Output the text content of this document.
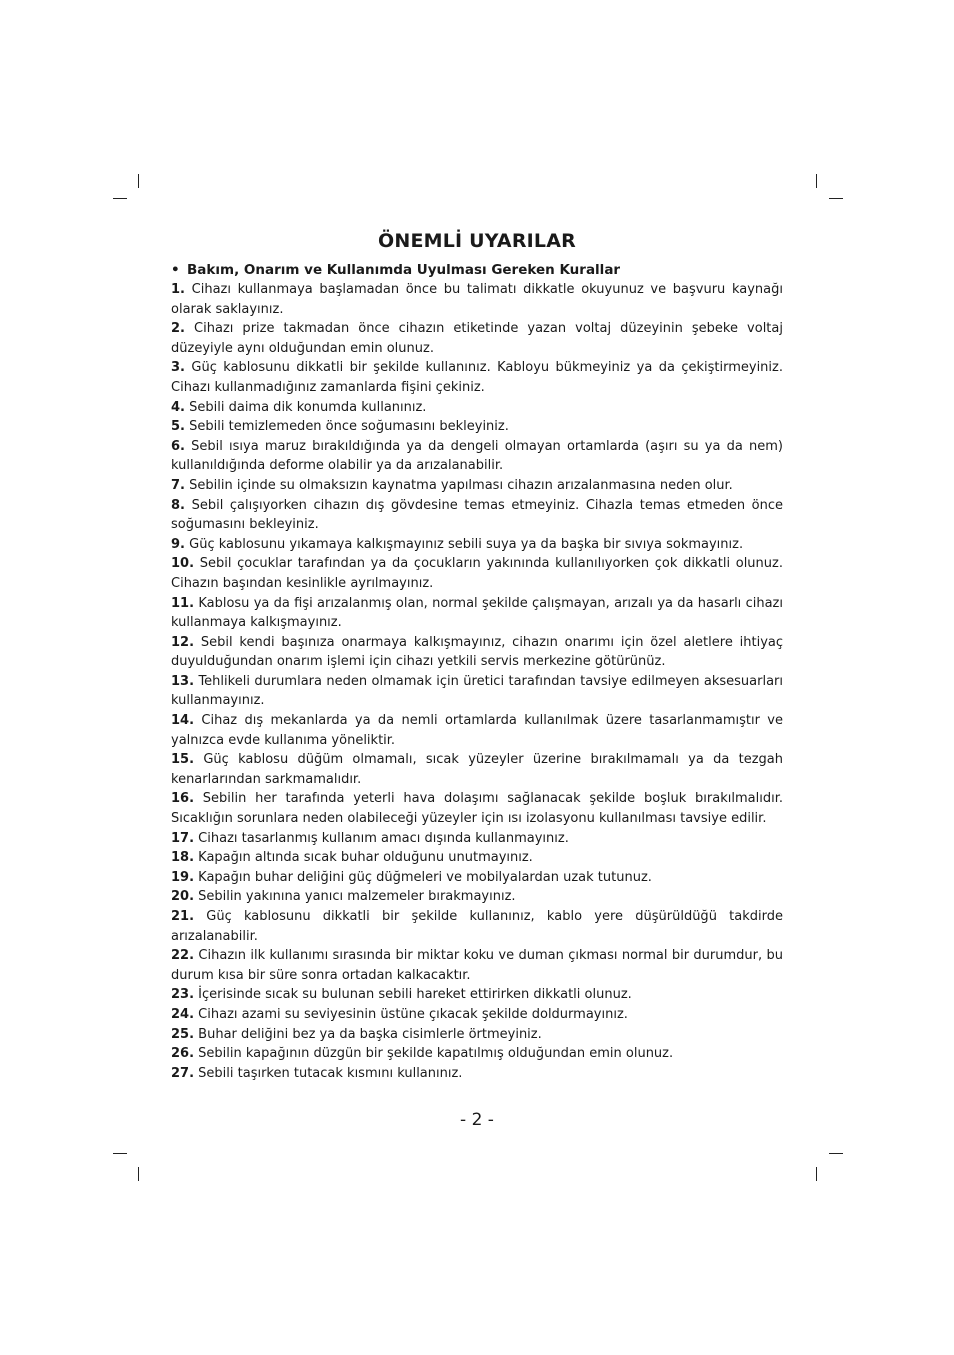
ÖNEMLİ UYARILAR
• Bakım, Onarım ve Kullanımda Uyulması Gereken Kurallar
1. Cihazı kullanmaya başlamadan önce bu talimatı dikkatle okuyunuz ve başvuru kaynağı olarak saklayınız.
2. Cihazı prize takmadan önce cihazın etiketinde yazan voltaj düzeyinin şebeke voltaj düzeyiyle aynı olduğundan emin olunuz.
3. Güç kablosunu dikkatli bir şekilde kullanınız. Kabloyu bükmeyiniz ya da çekiştirmeyiniz. Cihazı kullanmadığınız zamanlarda fişini çekiniz.
4. Sebili daima dik konumda kullanınız.
5. Sebili temizlemeden önce soğumasını bekleyiniz.
6. Sebil ısıya maruz bırakıldığında ya da dengeli olmayan ortamlarda (aşırı su ya da nem) kullanıldığında deforme olabilir ya da arızalanabilir.
7. Sebilin içinde su olmaksızın kaynatma yapılması cihazın arızalanmasına neden olur.
8. Sebil çalışıyorken cihazın dış gövdesine temas etmeyiniz. Cihazla temas etmeden önce soğumasını bekleyiniz.
9. Güç kablosunu yıkamaya kalkışmayınız sebili suya ya da başka bir sıvıya sokmayınız.
10. Sebil çocuklar tarafından ya da çocukların yakınında kullanılıyorken çok dikkatli olunuz. Cihazın başından kesinlikle ayrılmayınız.
11. Kablosu ya da fişi arızalanmış olan, normal şekilde çalışmayan, arızalı ya da hasarlı cihazı kullanmaya kalkışmayınız.
12. Sebil kendi başınıza onarmaya kalkışmayınız, cihazın onarımı için özel aletlere ihtiyaç duyulduğundan onarım işlemi için cihazı yetkili servis merkezine götürünüz.
13. Tehlikeli durumlara neden olmamak için üretici tarafından tavsiye edilmeyen aksesuarları kullanmayınız.
14. Cihaz dış mekanlarda ya da nemli ortamlarda kullanılmak üzere tasarlanmamıştır ve yalnızca evde kullanıma yöneliktir.
15. Güç kablosu düğüm olmamalı, sıcak yüzeyler üzerine bırakılmamalı ya da tezgah kenarlarından sarkmamalıdır.
16. Sebilin her tarafında yeterli hava dolaşımı sağlanacak şekilde boşluk bırakılmalıdır. Sıcaklığın sorunlara neden olabileceği yüzeyler için ısı izolasyonu kullanılması tavsiye edilir.
17. Cihazı tasarlanmış kullanım amacı dışında kullanmayınız.
18. Kapağın altında sıcak buhar olduğunu unutmayınız.
19. Kapağın buhar deliğini güç düğmeleri ve mobilyalardan uzak tutunuz.
20. Sebilin yakınına yanıcı malzemeler bırakmayınız.
21. Güç kablosunu dikkatli bir şekilde kullanınız, kablo yere düşürüldüğü takdirde arızalanabilir.
22. Cihazın ilk kullanımı sırasında bir miktar koku ve duman çıkması normal bir durumdur, bu durum kısa bir süre sonra ortadan kalkacaktır.
23. İçerisinde sıcak su bulunan sebili hareket ettirirken dikkatli olunuz.
24. Cihazı azami su seviyesinin üstüne çıkacak şekilde doldurmayınız.
25. Buhar deliğini bez ya da başka cisimlerle örtmeyiniz.
26. Sebilin kapağının düzgün bir şekilde kapatılmış olduğundan emin olunuz.
27. Sebili taşırken tutacak kısmını kullanınız.
- 2 -
